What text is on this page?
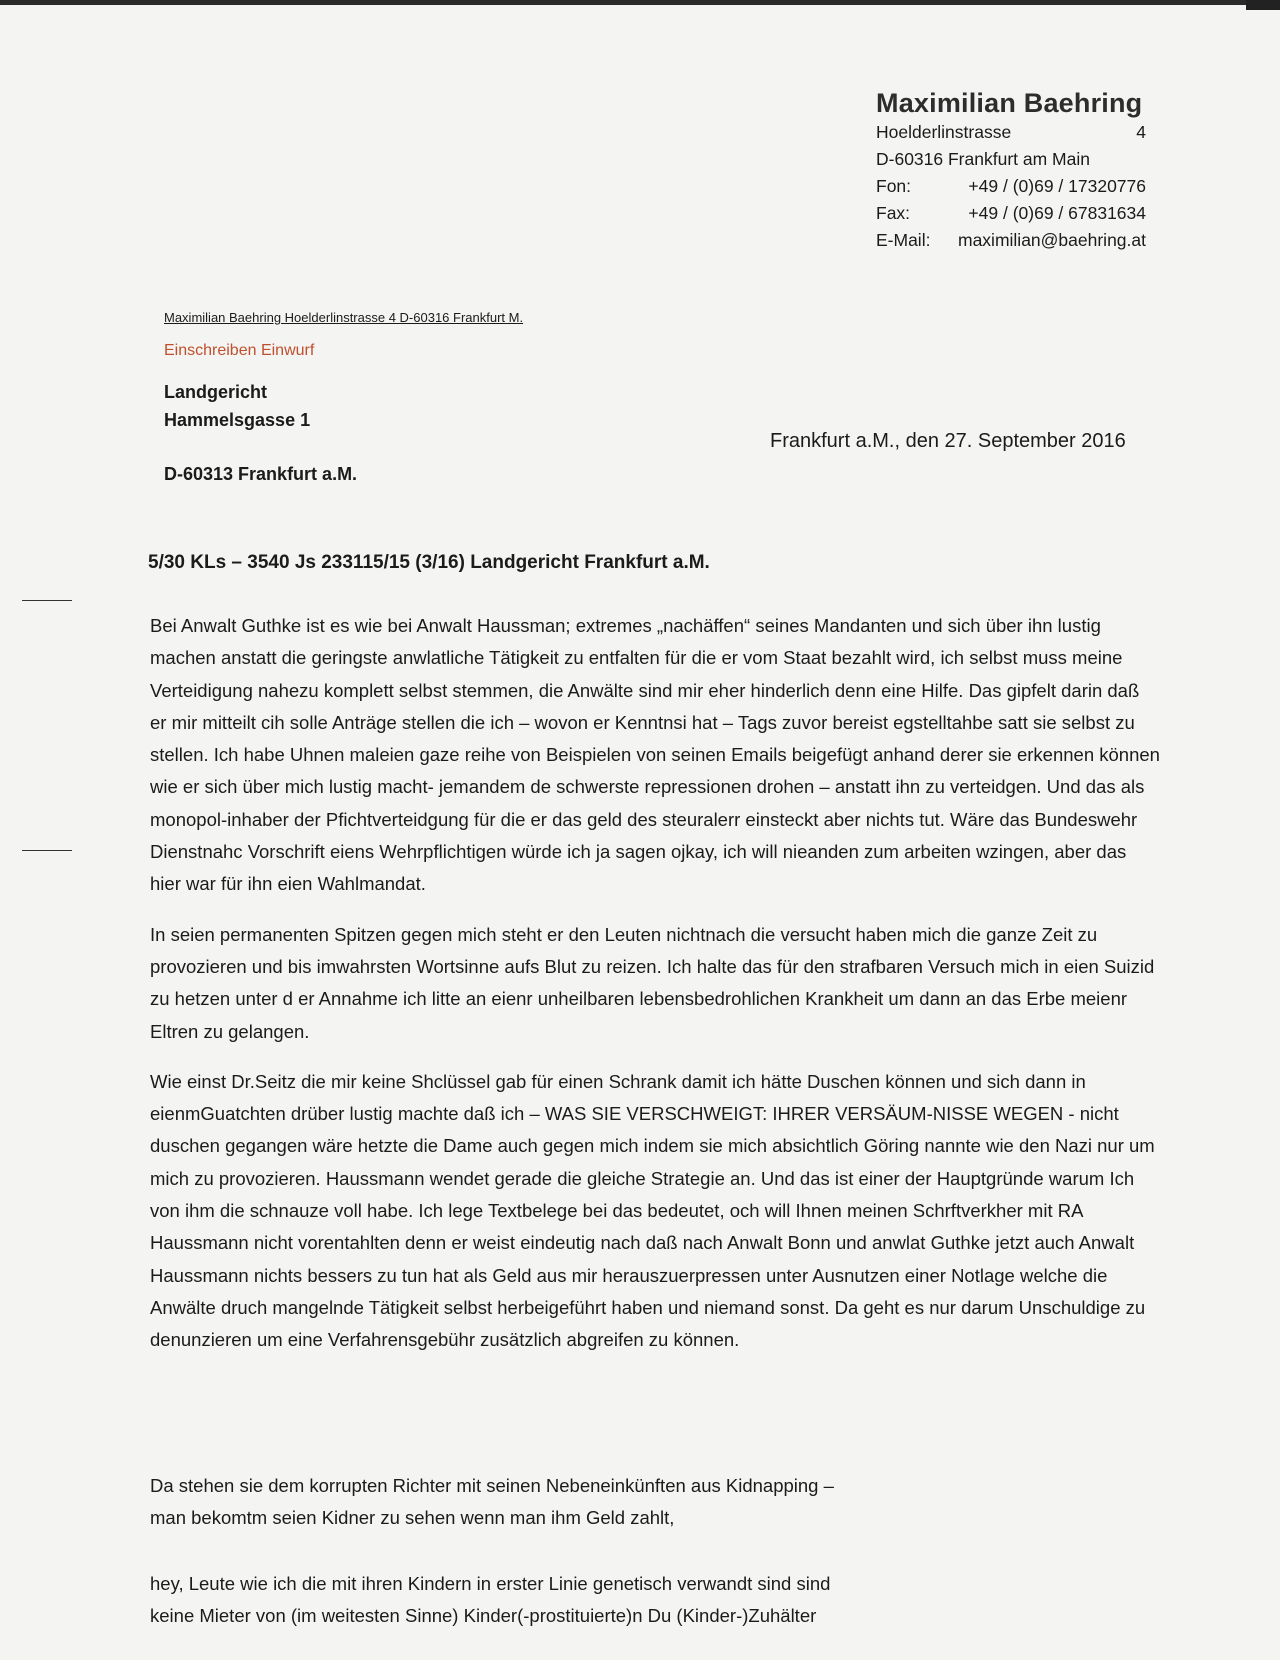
Maximilian Baehring
Hoelderlinstrasse	4
D-60316 Frankfurt am Main
Fon:	+49 / (0)69 / 17320776
Fax:	+49 / (0)69 / 67831634
E-Mail:	maximilian@baehring.at
Maximilian Baehring Hoelderlinstrasse 4 D-60316 Frankfurt M.
Einschreiben Einwurf
Landgericht
Hammelsgasse 1
D-60313 Frankfurt a.M.
Frankfurt a.M., den 27. September 2016
5/30 KLs – 3540 Js 233115/15 (3/16) Landgericht Frankfurt a.M.

Bei Anwalt Guthke ist es wie bei Anwalt Haussman; extremes „nachäffen“ seines Mandanten und sich über ihn lustig machen anstatt die geringste anwlatliche Tätigkeit zu entfalten für die er vom Staat bezahlt wird, ich selbst muss meine Verteidigung nahezu komplett selbst stemmen, die Anwälte sind mir eher hinderlich denn eine Hilfe. Das gipfelt darin daß er mir mitteilt cih solle Anträge stellen die ich – wovon er Kenntnsi hat – Tags zuvor bereist egstelltahbe satt sie selbst zu stellen. Ich habe Uhnen maleien gaze reihe von Beispielen von seinen Emails beigefügt anhand derer sie erkennen können wie er sich über mich lustig macht- jemandem de schwerste repressionen drohen – anstatt ihn zu verteidgen. Und das als monopol-inhaber der Pfichtverteidgung für die er das geld des steuralerr einsteckt aber nichts tut. Wäre das Bundeswehr Dienstnahc Vorschrift eiens Wehrpflichtigen würde ich ja sagen ojkay, ich will nieanden zum arbeiten wzingen, aber das hier war für ihn eien Wahlmandat.

In seien permanenten Spitzen gegen mich steht er den Leuten nichtnach die versucht haben mich die ganze Zeit zu provozieren und bis imwahrsten Wortsinne aufs Blut zu reizen. Ich halte das für den strafbaren Versuch mich in eien Suizid zu hetzen unter d er Annahme ich litte an eienr unheilbaren lebensbedrohlichen Krankheit um dann an das Erbe meienr Eltren zu gelangen.

Wie einst Dr.Seitz die mir keine Shclüssel gab für einen Schrank damit ich hätte Duschen können und sich dann in eienmGuatchten drüber lustig machte daß ich – WAS SIE VERSCHWEIGT: IHRER VERSÄUM-NISSE WEGEN - nicht duschen gegangen wäre hetzte die Dame auch gegen mich indem sie mich absichtlich Göring nannte wie den Nazi nur um mich zu provozieren. Haussmann wendet gerade die gleiche Strategie an. Und das ist einer der Hauptgründe warum Ich von ihm die schnauze voll habe. Ich lege Textbelege bei das bedeutet, och will Ihnen meinen Schrftverkher mit RA Haussmann nicht vorentahlten denn er weist eindeutig nach daß nach Anwalt Bonn und anwlat Guthke jetzt auch Anwalt Haussmann nichts bessers zu tun hat als Geld aus mir herauszuerpressen unter Ausnutzen einer Notlage welche die Anwälte druch mangelnde Tätigkeit selbst herbeigeführt haben und niemand sonst. Da geht es nur darum Unschuldige zu denunzieren um eine Verfahrensgebühr zusätzlich abgreifen zu können.

Da stehen sie dem korrupten Richter mit seinen Nebeneinkünften aus Kidnapping –
man bekomtm seien Kidner zu sehen wenn man ihm Geld zahlt,
hey, Leute wie ich die mit ihren Kindern in erster Linie genetisch verwandt sind sind
keine Mieter von (im weitesten Sinne) Kinder(-prostituierte)n Du (Kinder-)Zuhälter
